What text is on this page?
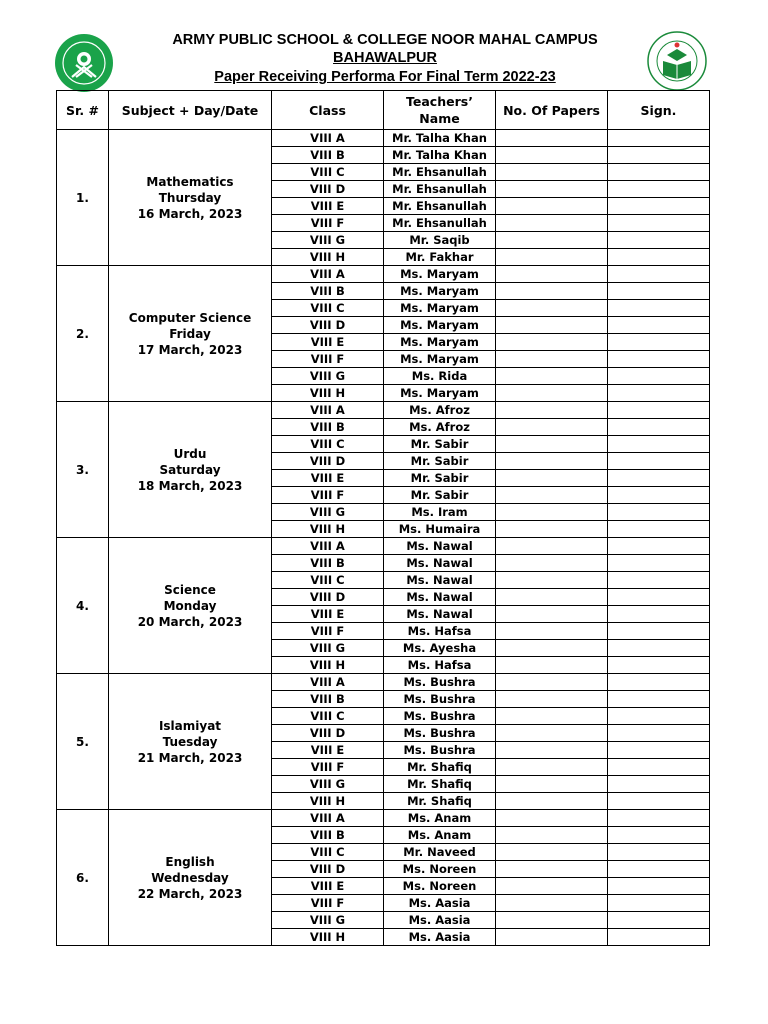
ARMY PUBLIC SCHOOL & COLLEGE NOOR MAHAL CAMPUS
BAHAWALPUR
Paper Receiving Performa For Final Term 2022-23
Sr. #	Subject + Day/Date	Class	Teachers’ Name	No. Of Papers	Sign.
1.	Mathematics
Thursday
16 March, 2023	VIII A	Mr. Talha Khan		
		VIII B	Mr. Talha Khan		
		VIII C	Mr. Ehsanullah		
		VIII D	Mr. Ehsanullah		
		VIII E	Mr. Ehsanullah		
		VIII F	Mr. Ehsanullah		
		VIII G	Mr. Saqib		
		VIII H	Mr. Fakhar		
2.	Computer Science
Friday
17 March, 2023	VIII A	Ms. Maryam		
		VIII B	Ms. Maryam		
		VIII C	Ms. Maryam		
		VIII D	Ms. Maryam		
		VIII E	Ms. Maryam		
		VIII F	Ms. Maryam		
		VIII G	Ms. Rida		
		VIII H	Ms. Maryam		
3.	Urdu
Saturday
18 March, 2023	VIII A	Ms. Afroz		
		VIII B	Ms. Afroz		
		VIII C	Mr. Sabir		
		VIII D	Mr. Sabir		
		VIII E	Mr. Sabir		
		VIII F	Mr. Sabir		
		VIII G	Ms. Iram		
		VIII H	Ms. Humaira		
4.	Science
Monday
20 March, 2023	VIII A	Ms. Nawal		
		VIII B	Ms. Nawal		
		VIII C	Ms. Nawal		
		VIII D	Ms. Nawal		
		VIII E	Ms. Nawal		
		VIII F	Ms. Hafsa		
		VIII G	Ms. Ayesha		
		VIII H	Ms. Hafsa		
5.	Islamiyat
Tuesday
21 March, 2023	VIII A	Ms. Bushra		
		VIII B	Ms. Bushra		
		VIII C	Ms. Bushra		
		VIII D	Ms. Bushra		
		VIII E	Ms. Bushra		
		VIII F	Mr. Shafiq		
		VIII G	Mr. Shafiq		
		VIII H	Mr. Shafiq		
6.	English
Wednesday
22 March, 2023	VIII A	Ms. Anam		
		VIII B	Ms. Anam		
		VIII C	Mr. Naveed		
		VIII D	Ms. Noreen		
		VIII E	Ms. Noreen		
		VIII F	Ms. Aasia		
		VIII G	Ms. Aasia		
		VIII H	Ms. Aasia		
